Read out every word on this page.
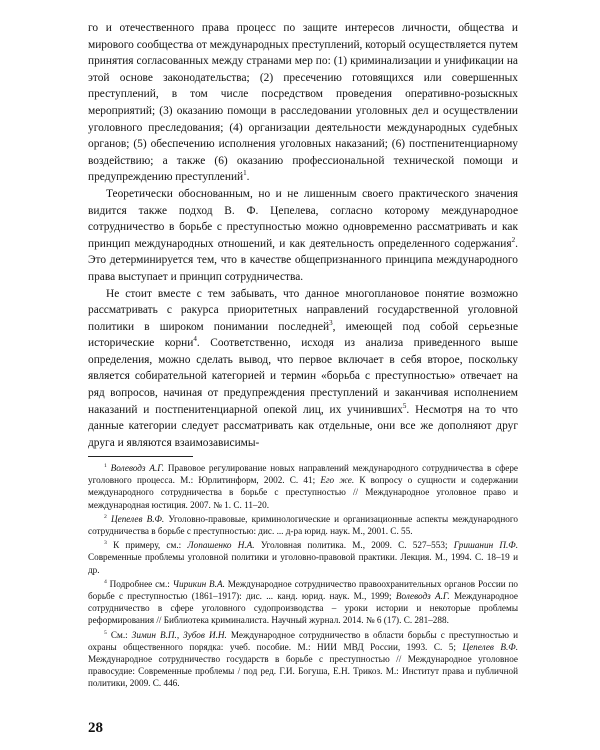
го и отечественного права процесс по защите интересов личности, общества и мирового сообщества от международных преступлений, который осуществляется путем принятия согласованных между странами мер по: (1) криминализации и унификации на этой основе законодательства; (2) пресечению готовящихся или совершенных преступлений, в том числе посредством проведения оперативно-розыскных мероприятий; (3) оказанию помощи в расследовании уголовных дел и осуществлении уголовного преследования; (4) организации деятельности международных судебных органов; (5) обеспечению исполнения уголовных наказаний; (6) постпенитенциарному воздействию; а также (6) оказанию профессиональной технической помощи и предупреждению преступлений$^1$.

Теоретически обоснованным, но и не лишенным своего практического значения видится также подход В. Ф. Цепелева, согласно которому международное сотрудничество в борьбе с преступностью можно одновременно рассматривать и как принцип международных отношений, и как деятельность определенного содержания$^2$. Это детерминируется тем, что в качестве общепризнанного принципа международного права выступает и принцип сотрудничества.

Не стоит вместе с тем забывать, что данное многоплановое понятие возможно рассматривать с ракурса приоритетных направлений государственной уголовной политики в широком понимании последней$^3$, имеющей под собой серьезные исторические корни$^4$. Соответственно, исходя из анализа приведенного выше определения, можно сделать вывод, что первое включает в себя второе, поскольку является собирательной категорией и термин «борьба с преступностью» отвечает на ряд вопросов, начиная от предупреждения преступлений и заканчивая исполнением наказаний и постпенитенциарной опекой лиц, их учинивших$^5$. Несмотря на то что данные категории следует рассматривать как отдельные, они все же дополняют друг друга и являются взаимозависимы-

$^1$ Волеводз А.Г. Правовое регулирование новых направлений международного сотрудничества в сфере уголовного процесса. М.: Юрлитинформ, 2002. С. 41; Его же. К вопросу о сущности и содержании международного сотрудничества в борьбе с преступностью // Международное уголовное право и международная юстиция. 2007. № 1. С. 11–20.

$^2$ Цепелев В.Ф. Уголовно-правовые, криминологические и организационные аспекты международного сотрудничества в борьбе с преступностью: дис. ... д-ра юрид. наук. М., 2001. С. 55.

$^3$ К примеру, см.: Лопашенко Н.А. Уголовная политика. М., 2009. С. 527–553; Гришанин П.Ф. Современные проблемы уголовной политики и уголовно-правовой практики. Лекция. М., 1994. С. 18–19 и др.

$^4$ Подробнее см.: Чирикин В.А. Международное сотрудничество правоохранительных органов России по борьбе с преступностью (1861–1917): дис. ... канд. юрид. наук. М., 1999; Волеводз А.Г. Международное сотрудничество в сфере уголовного судопроизводства – уроки истории и некоторые проблемы реформирования // Библиотека криминалиста. Научный журнал. 2014. № 6 (17). С. 281–288.

$^5$ См.: Зимин В.П., Зубов И.Н. Международное сотрудничество в области борьбы с преступностью и охраны общественного порядка: учеб. пособие. М.: НИИ МВД России, 1993. С. 5; Цепелев В.Ф. Международное сотрудничество государств в борьбе с преступностью // Международное уголовное правосудие: Современные проблемы / под ред. Г.И. Богуша, Е.Н. Трикоз. М.: Институт права и публичной политики, 2009. С. 446.

28
